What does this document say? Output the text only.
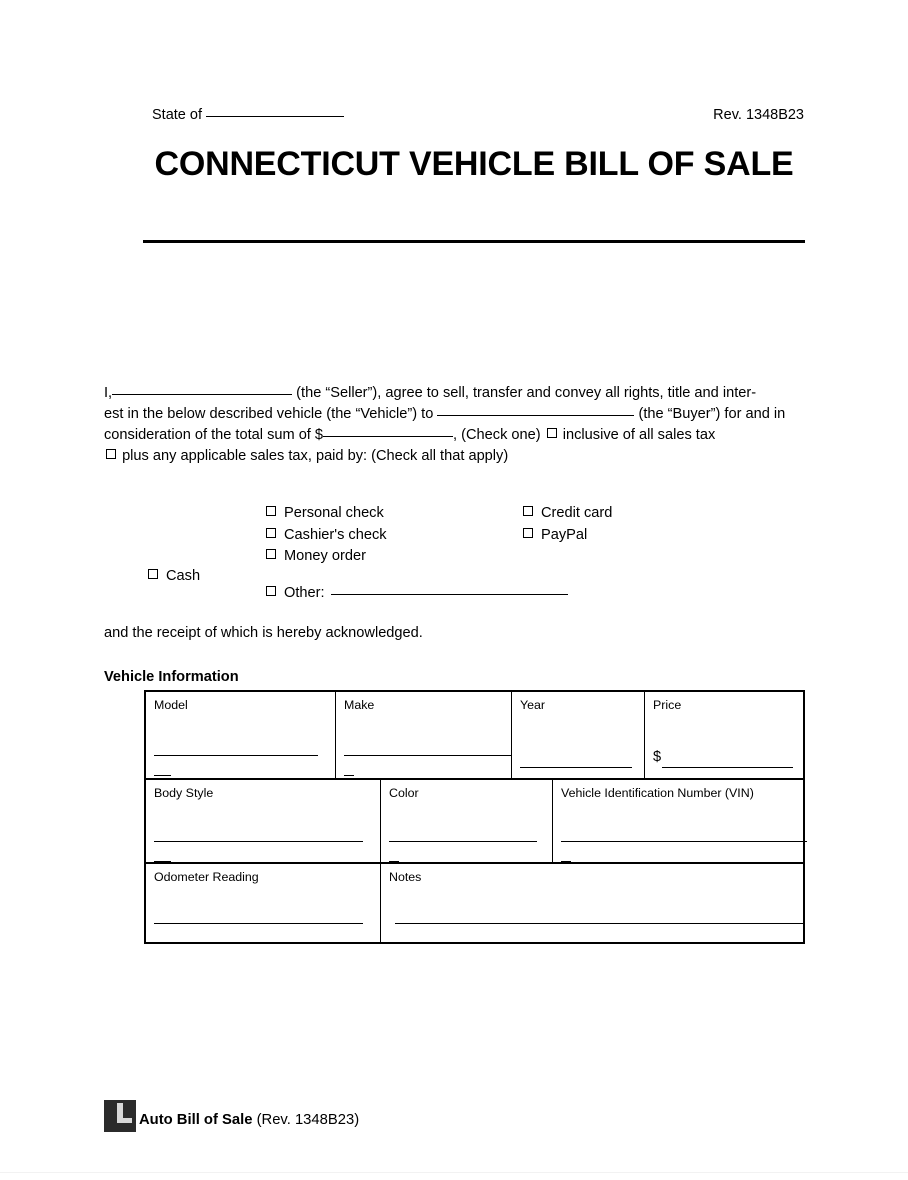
State of	Rev. 1348B23
CONNECTICUT VEHICLE BILL OF SALE

I,	(the “Seller”), agree to sell, transfer and convey all rights, title and inter-

est in the below described vehicle (the “Vehicle”) to	(the “Buyer”) for and in

consideration of the total sum of $	, (Check one) inclusive of all sales tax

plus any applicable sales tax, paid by: (Check all that apply)

Cash
Personal check
Cashier's check
Money order
Credit card
PayPal
Other:
and the receipt of which is hereby acknowledged.
Vehicle Information
Model	Make	Year	Price
$
Body Style	Color	Vehicle Identification Number (VIN)
Odometer Reading	Notes
Auto Bill of Sale (Rev. 1348B23)
